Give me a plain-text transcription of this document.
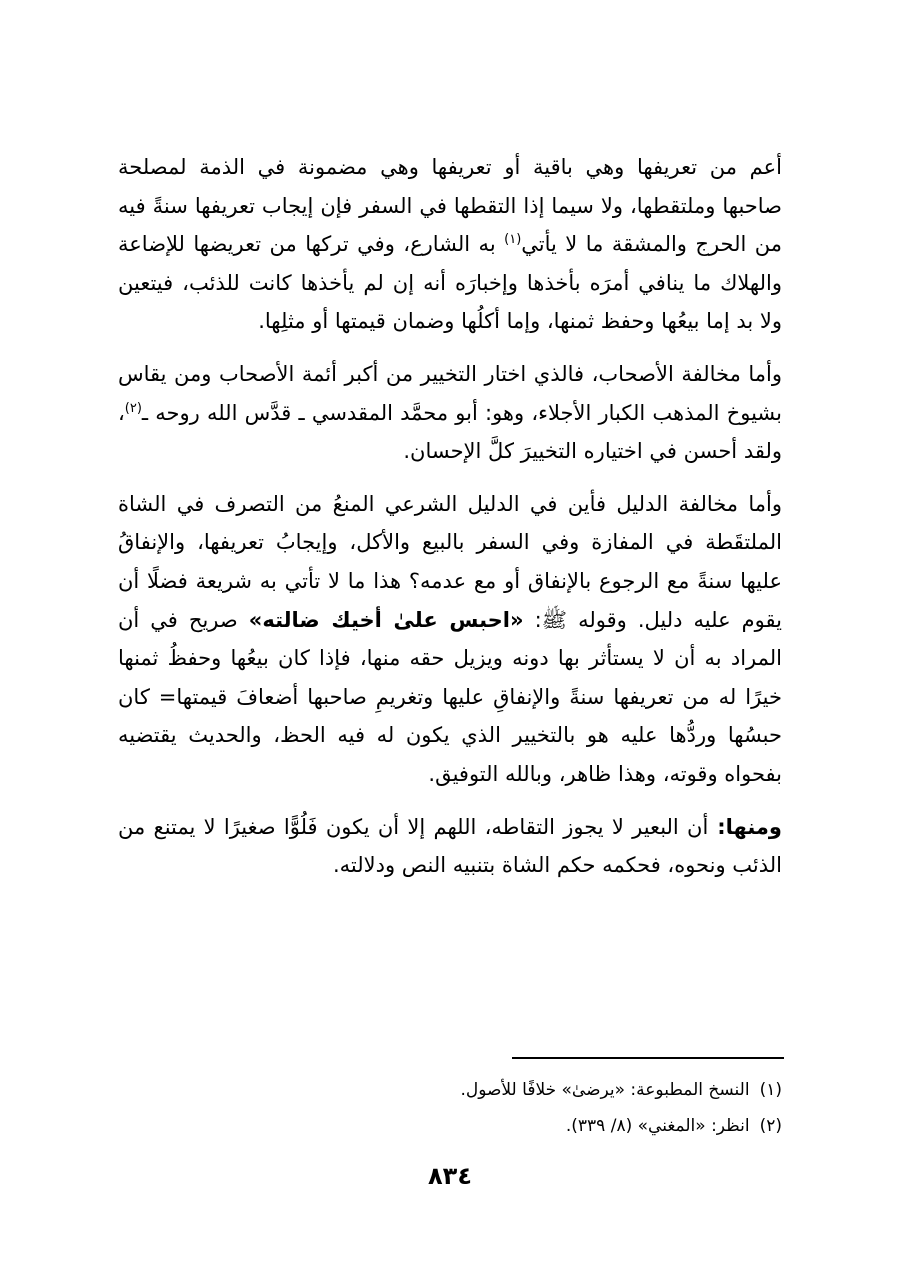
أعم من تعريفها وهي باقية أو تعريفها وهي مضمونة في الذمة لمصلحة صاحبها وملتقطها، ولا سيما إذا التقطها في السفر فإن إيجاب تعريفها سنةً فيه من الحرج والمشقة ما لا يأتي$^{(١)}$ به الشارع، وفي تركها من تعريضها للإضاعة والهلاك ما ينافي أمرَه بأخذها وإخبارَه أنه إن لم يأخذها كانت للذئب، فيتعين ولا بد إما بيعُها وحفظ ثمنها، وإما أكلُها وضمان قيمتها أو مثلِها.

وأما مخالفة الأصحاب، فالذي اختار التخيير من أكبر أئمة الأصحاب ومن يقاس بشيوخ المذهب الكبار الأجلاء، وهو: أبو محمَّد المقدسي ـ قدَّس الله روحه ـ$^{(٢)}$، ولقد أحسن في اختياره التخييرَ كلَّ الإحسان.

وأما مخالفة الدليل فأين في الدليل الشرعي المنعُ من التصرف في الشاة الملتقَطة في المفازة وفي السفر بالبيع والأكل، وإيجابُ تعريفها، والإنفاقُ عليها سنةً مع الرجوع بالإنفاق أو مع عدمه؟ هذا ما لا تأتي به شريعة فضلًا أن يقوم عليه دليل. وقوله ﷺ: «احبس علىٰ أخيك ضالته» صريح في أن المراد به أن لا يستأثر بها دونه ويزيل حقه منها، فإذا كان بيعُها وحفظُ ثمنها خيرًا له من تعريفها سنةً والإنفاقِ عليها وتغريمِ صاحبها أضعافَ قيمتها= كان حبسُها وردُّها عليه هو بالتخيير الذي يكون له فيه الحظ، والحديث يقتضيه بفحواه وقوته، وهذا ظاهر، وبالله التوفيق.

ومنها: أن البعير لا يجوز التقاطه، اللهم إلا أن يكون فَلُوًّا صغيرًا لا يمتنع من الذئب ونحوه، فحكمه حكم الشاة بتنبيه النص ودلالته.

(١)النسخ المطبوعة: «يرضىٰ» خلافًا للأصول.

(٢)انظر: «المغني» (٨/ ٣٣٩).

٨٣٤
